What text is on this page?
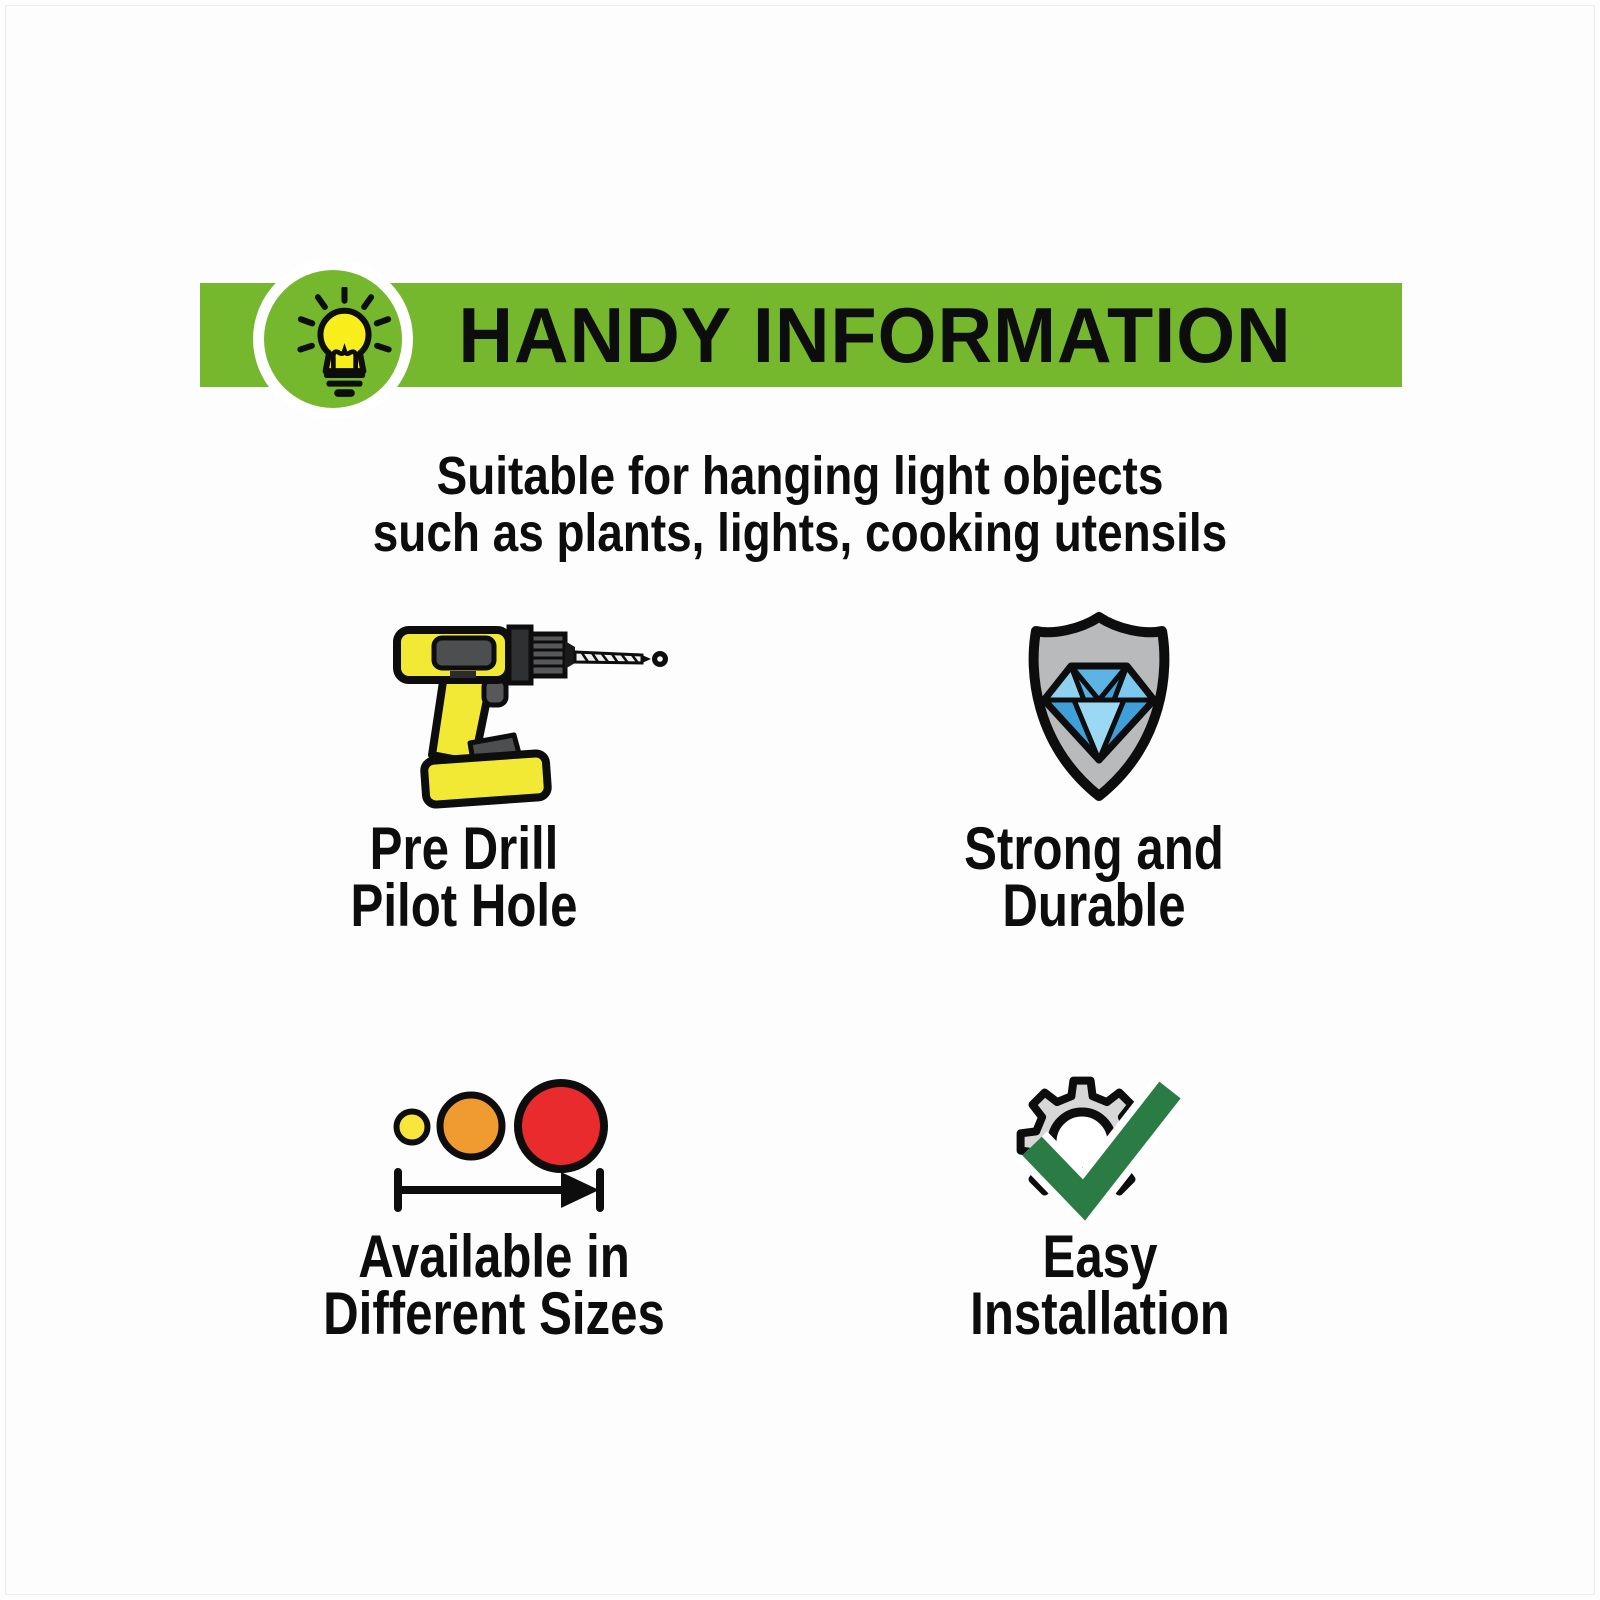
HANDY INFORMATION
Suitable for hanging light objects
such as plants, lights, cooking utensils
Pre Drill
Pilot Hole
Strong and
Durable
Available in
Different Sizes
Easy
Installation
